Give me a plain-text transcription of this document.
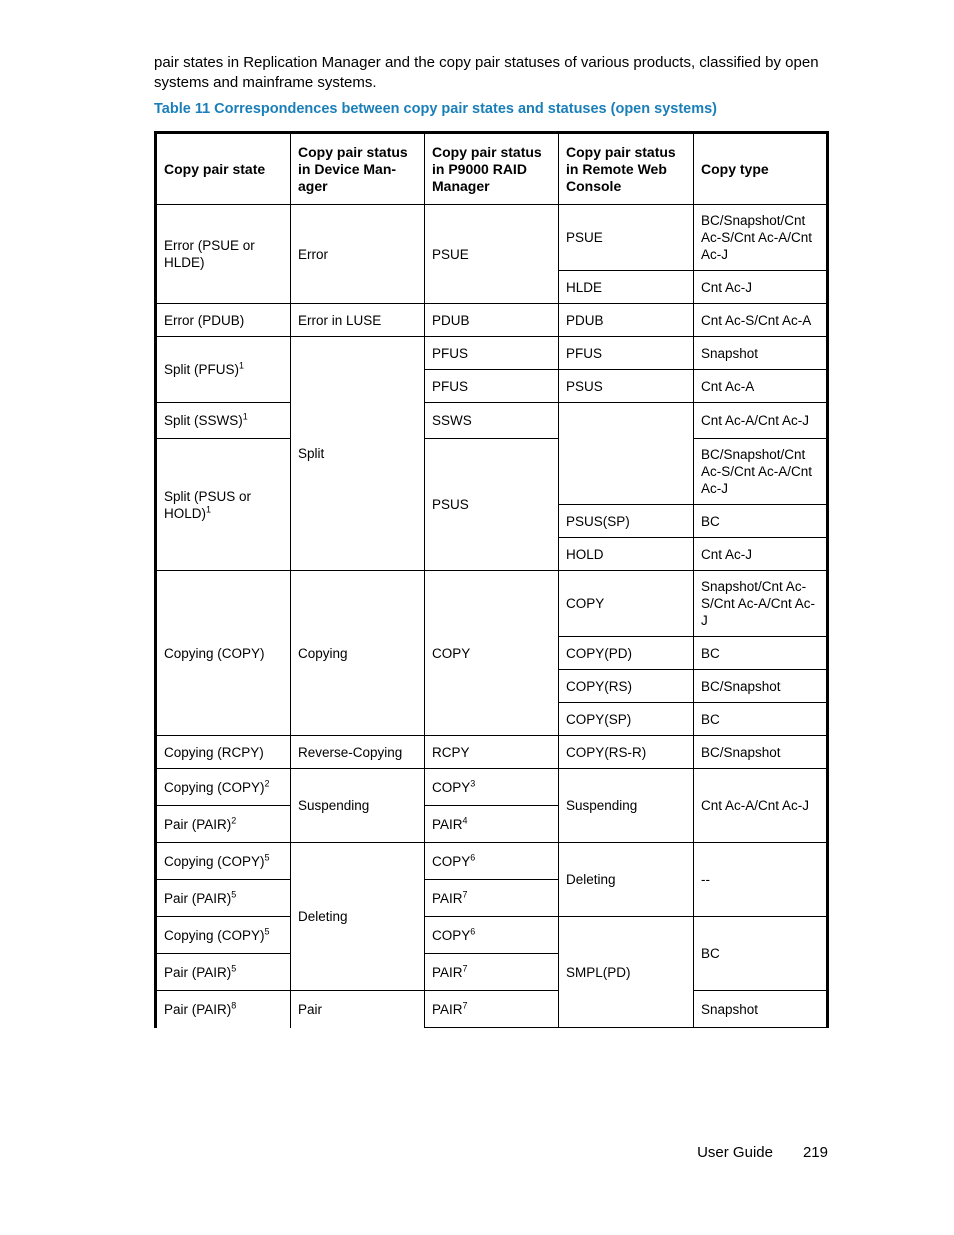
pair states in Replication Manager and the copy pair statuses of various products, classified by open systems and mainframe systems.

Table 11 Correspondences between copy pair states and statuses (open systems)

Copy pair state	Copy pair status in Device Man-ager	Copy pair status in P9000 RAID Manager	Copy pair status in Remote Web Console	Copy type
Error (PSUE or HLDE)	Error	PSUE	PSUE	BC/Snapshot/Cnt Ac-S/Cnt Ac-A/Cnt Ac-J
			HLDE	Cnt Ac-J
Error (PDUB)	Error in LUSE	PDUB	PDUB	Cnt Ac-S/Cnt Ac-A
Split (PFUS)$^1$	Split	PFUS	PFUS	Snapshot
		PFUS	PSUS	Cnt Ac-A
Split (SSWS)$^1$		SSWS		Cnt Ac-A/Cnt Ac-J
Split (PSUS or HOLD)$^1$		PSUS		BC/Snapshot/Cnt Ac-S/Cnt Ac-A/Cnt Ac-J
			PSUS(SP)	BC
			HOLD	Cnt Ac-J
Copying (COPY)	Copying	COPY	COPY	Snapshot/Cnt Ac-S/Cnt Ac-A/Cnt Ac-J
			COPY(PD)	BC
			COPY(RS)	BC/Snapshot
			COPY(SP)	BC
Copying (RCPY)	Reverse-Copying	RCPY	COPY(RS-R)	BC/Snapshot
Copying (COPY)$^2$	Suspending	COPY$^3$	Suspending	Cnt Ac-A/Cnt Ac-J
Pair (PAIR)$^2$		PAIR$^4$
Copying (COPY)$^5$	Deleting	COPY$^6$	Deleting	--
Pair (PAIR)$^5$		PAIR$^7$
Copying (COPY)$^5$		COPY$^6$	SMPL(PD)	BC
Pair (PAIR)$^5$		PAIR$^7$
Pair (PAIR)$^8$	Pair	PAIR$^7$		Snapshot
User Guide 219
